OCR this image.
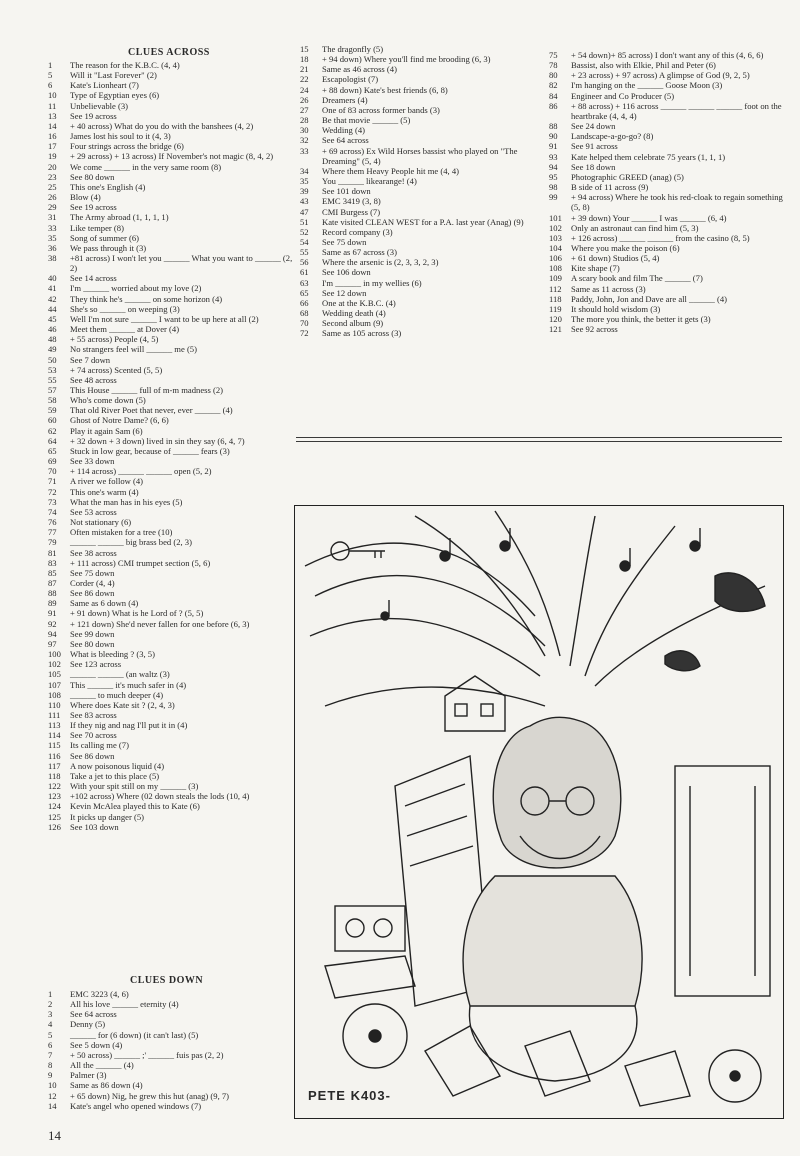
CLUES ACROSS
1	The reason for the K.B.C. (4, 4)
5	Will it "Last Forever" (2)
6	Kate's Lionheart (7)
10	Type of Egyptian eyes (6)
11	Unbelievable (3)
13	See 19 across
14	+ 40 across) What do you do with the banshees (4, 2)
16	James lost his soul to it (4, 3)
17	Four strings across the bridge (6)
19	+ 29 across) + 13 across) If November's not magic (8, 4, 2)
20	We come ______ in the very same room (8)
23	See 80 down
25	This one's English (4)
26	Blow (4)
29	See 19 across
31	The Army abroad (1, 1, 1, 1)
33	Like temper (8)
35	Song of summer (6)
36	We pass through it (3)
38	+81 across) I won't let you ______ What you want to ______ (2, 2)
40	See 14 across
41	I'm ______ worried about my love (2)
42	They think he's ______ on some horizon (4)
44	She's so ______ on weeping (3)
45	Well I'm not sure ______ I want to be up here at all (2)
46	Meet them ______ at Dover (4)
48	+ 55 across) People (4, 5)
49	No strangers feel will ______ me (5)
50	See 7 down
53	+ 74 across) Scented (5, 5)
55	See 48 across
57	This House ______ full of m-m madness (2)
58	Who's come down (5)
59	That old River Poet that never, ever ______ (4)
60	Ghost of Notre Dame? (6, 6)
62	Play it again Sam (6)
64	+ 32 down + 3 down) lived in sin they say (6, 4, 7)
65	Stuck in low gear, because of ______ fears (3)
69	See 33 down
70	+ 114 across) ______ ______ open (5, 2)
71	A river we follow (4)
72	This one's warm (4)
73	What the man has in his eyes (5)
74	See 53 across
76	Not stationary (6)
77	Often mistaken for a tree (10)
79	______ ______ big brass bed (2, 3)
81	See 38 across
83	+ 111 across) CMI trumpet section (5, 6)
85	See 75 down
87	Corder (4, 4)
88	See 86 down
89	Same as 6 down (4)
91	+ 91 down) What is he Lord of ? (5, 5)
92	+ 121 down) She'd never fallen for one before (6, 3)
94	See 99 down
97	See 80 down
100	What is bleeding ? (3, 5)
102	See 123 across
105	______ ______ (an waltz (3)
107	This ______ it's much safer in (4)
108	______ to much deeper (4)
110	Where does Kate sit ? (2, 4, 3)
111	See 83 across
113	If they nig and nag I'll put it in (4)
114	See 70 across
115	Its calling me (7)
116	See 86 down
117	A now poisonous liquid (4)
118	Take a jet to this place (5)
122	With your spit still on my ______ (3)
123	+102 across) Where (02 down steals the lods (10, 4)
124	Kevin McAlea played this to Kate (6)
125	It picks up danger (5)
126	See 103 down
15	The dragonfly (5)
18	+ 94 down) Where you'll find me brooding (6, 3)
21	Same as 46 across (4)
22	Escapologist (7)
24	+ 88 down) Kate's best friends (6, 8)
26	Dreamers (4)
27	One of 83 across former bands (3)
28	Be that movie ______ (5)
30	Wedding (4)
32	See 64 across
33	+ 69 across) Ex Wild Horses bassist who played on "The Dreaming" (5, 4)
34	Where them Heavy People hit me (4, 4)
35	You ______ likearange! (4)
39	See 101 down
43	EMC 3419 (3, 8)
47	CMI Burgess (7)
51	Kate visited CLEAN WEST for a P.A. last year (Anag) (9)
52	Record company (3)
54	See 75 down
55	Same as 67 across (3)
56	Where the arsenic is (2, 3, 3, 2, 3)
61	See 106 down
63	I'm ______ in my wellies (6)
65	See 12 down
66	One at the K.B.C. (4)
68	Wedding death (4)
70	Second album (9)
72	Same as 105 across (3)
75	+ 54 down)+ 85 across) I don't want any of this (4, 6, 6)
78	Bassist, also with Elkie, Phil and Peter (6)
80	+ 23 across) + 97 across) A glimpse of God (9, 2, 5)
82	I'm hanging on the ______ Goose Moon (3)
84	Engineer and Co Producer (5)
86	+ 88 across) + 116 across ______ ______ ______ foot on the heartbrake (4, 4, 4)
88	See 24 down
90	Landscape-a-go-go? (8)
91	See 91 across
93	Kate helped them celebrate 75 years (1, 1, 1)
94	See 18 down
95	Photographic GREED (anag) (5)
98	B side of 11 across (9)
99	+ 94 across) Where he took his red-cloak to regain something (5, 8)
101	+ 39 down) Your ______ I was ______ (6, 4)
102	Only an astronaut can find him (5, 3)
103	+ 126 across) ______ ______ from the casino (8, 5)
104	Where you make the poison (6)
106	+ 61 down) Studios (5, 4)
108	Kite shape (7)
109	A scary book and film The ______ (7)
112	Same as 11 across (3)
118	Paddy, John, Jon and Dave are all ______ (4)
119	It should hold wisdom (3)
120	The more you think, the better it gets (3)
121	See 92 across
CLUES DOWN
1	EMC 3223 (4, 6)
2	All his love ______ eternity (4)
3	See 64 across
4	Denny (5)
5	______ for (6 down) (it can't last) (5)
6	See 5 down (4)
7	+ 50 across) ______ ;' ______ fuis pas (2, 2)
8	All the ______ (4)
9	Palmer (3)
10	Same as 86 down (4)
12	+ 65 down) Nig, he grew this hut (anag) (9, 7)
14	Kate's angel who opened windows (7)
PETE K403-
14
